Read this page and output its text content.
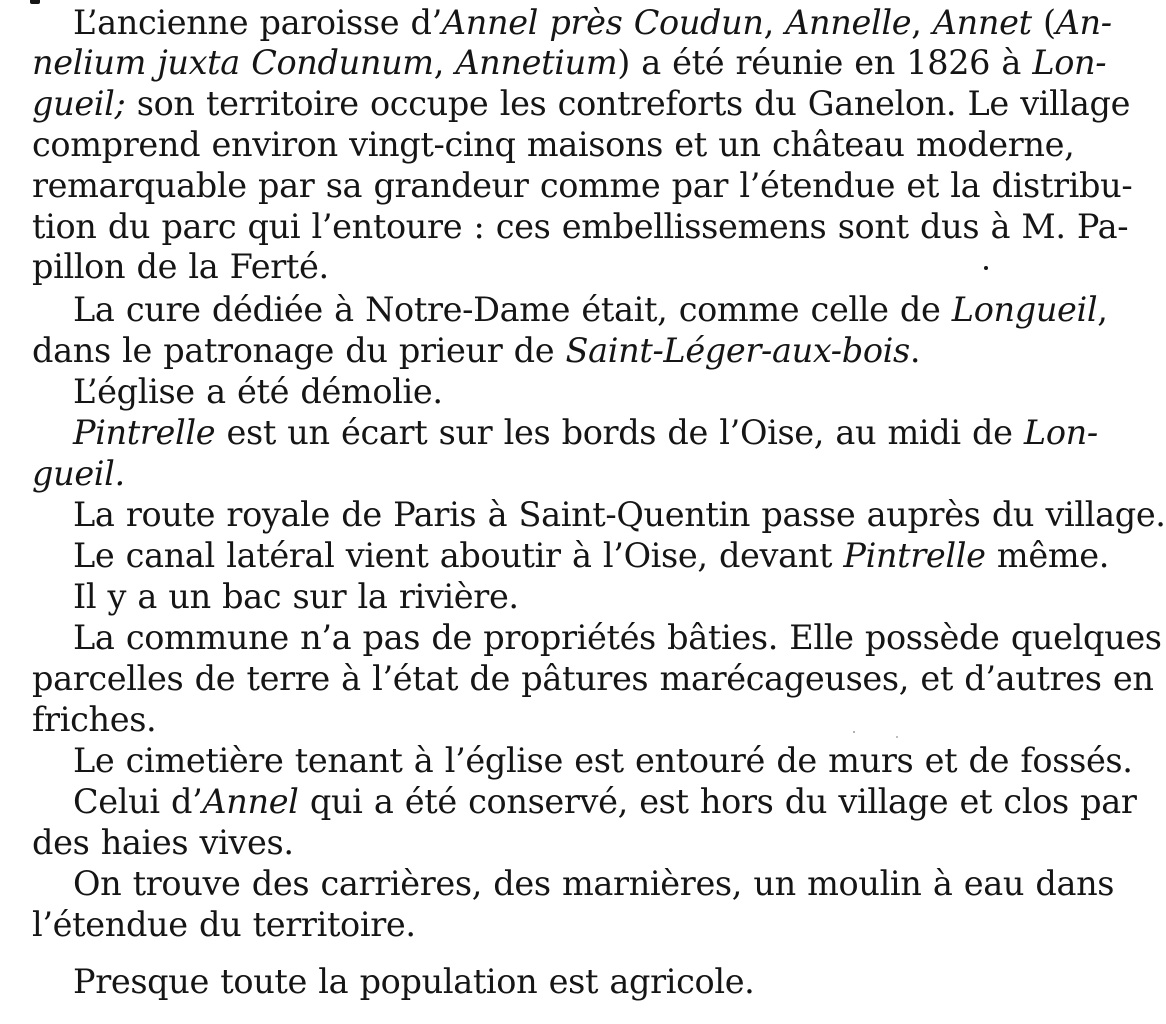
L’ancienne paroisse d’Annel près Coudun, Annelle, Annet (An-
nelium juxta Condunum, Annetium) a été réunie en 1826 à Lon-
gueil; son territoire occupe les contreforts du Ganelon. Le village
comprend environ vingt-cinq maisons et un château moderne,
remarquable par sa grandeur comme par l’étendue et la distribu-
tion du parc qui l’entoure : ces embellissemens sont dus à M. Pa-
pillon de la Ferté.
La cure dédiée à Notre-Dame était, comme celle de Longueil,
dans le patronage du prieur de Saint-Léger-aux-bois.
L’église a été démolie.
Pintrelle est un écart sur les bords de l’Oise, au midi de Lon-
gueil.
La route royale de Paris à Saint-Quentin passe auprès du village.
Le canal latéral vient aboutir à l’Oise, devant Pintrelle même.
Il y a un bac sur la rivière.
La commune n’a pas de propriétés bâties. Elle possède quelques
parcelles de terre à l’état de pâtures marécageuses, et d’autres en
friches.
Le cimetière tenant à l’église est entouré de murs et de fossés.
Celui d’Annel qui a été conservé, est hors du village et clos par
des haies vives.
On trouve des carrières, des marnières, un moulin à eau dans
l’étendue du territoire.
Presque toute la population est agricole.
